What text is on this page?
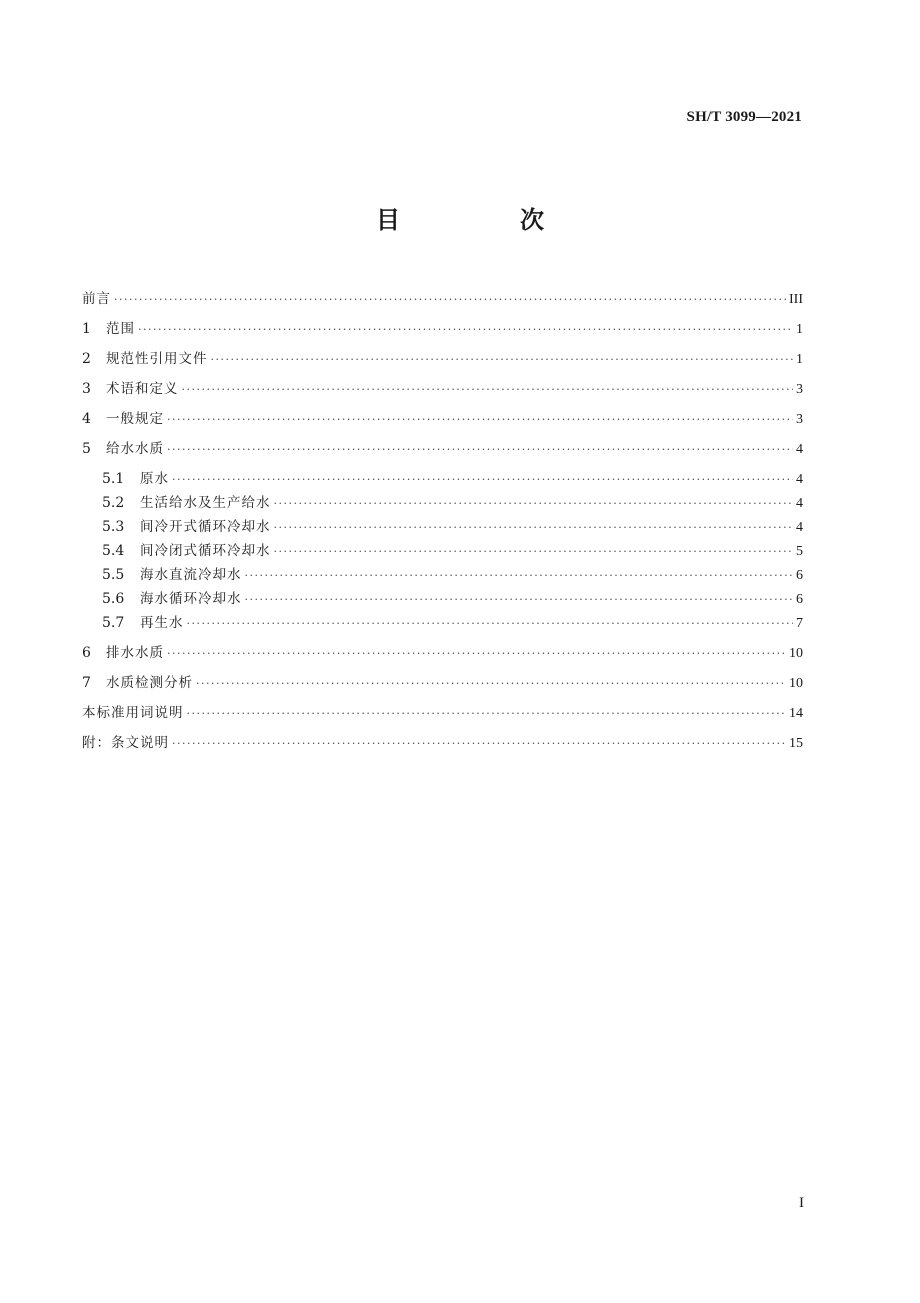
SH/T 3099—2021
目　次
前言 ·····	III
1	范围 ·····	1
2	规范性引用文件 ·····	1
3	术语和定义 ·····	3
4	一般规定 ·····	3
5	给水水质 ·····	4
5.1	原水 ·····	4
5.2	生活给水及生产给水 ·····	4
5.3	间冷开式循环冷却水 ·····	4
5.4	间冷闭式循环冷却水 ·····	5
5.5	海水直流冷却水 ·····	6
5.6	海水循环冷却水 ·····	6
5.7	再生水 ·····	7
6	排水水质 ·····	10
7	水质检测分析 ·····	10
本标准用词说明 ·····	14
附：条文说明 ·····	15
I
